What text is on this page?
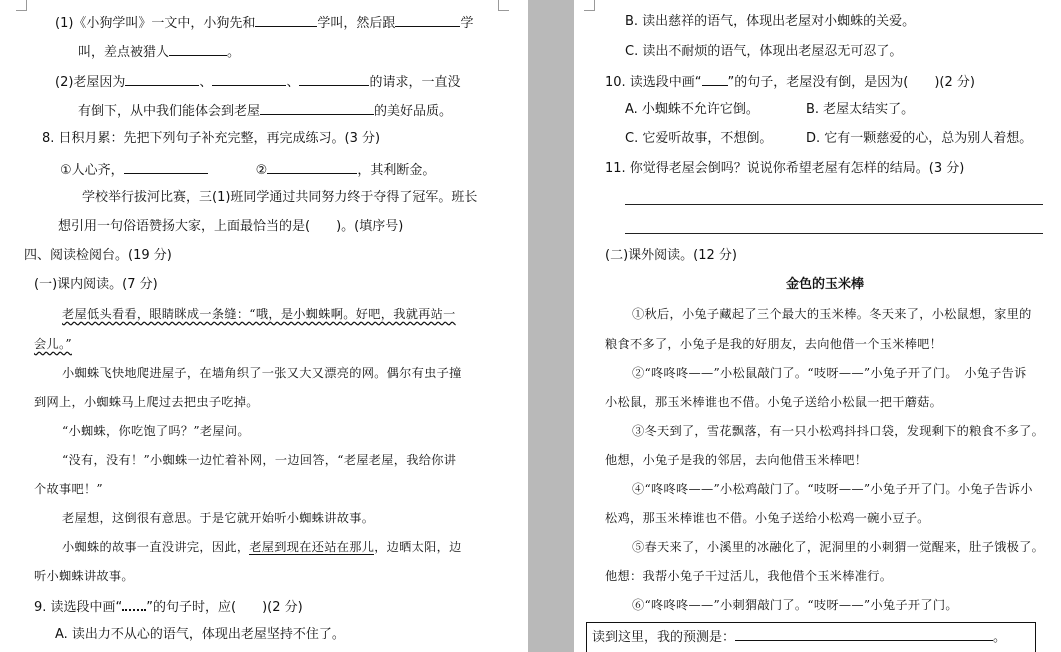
(1)《小狗学叫》一文中，小狗先和	学叫，然后跟	学
叫，差点被猎人	。
(2)老屋因为	、	、	的请求，一直没
有倒下，从中我们能体会到老屋	的美好品质。
8. 日积月累：先把下列句子补充完整，再完成练习。(3 分)
①人心齐，	②	，其利断金。
学校举行拔河比赛，三(1)班同学通过共同努力终于夺得了冠军。班长
想引用一句俗语赞扬大家，上面最恰当的是(　　)。(填序号)
四、阅读检阅台。(19 分)
(一)课内阅读。(7 分)
老屋低头看看，眼睛眯成一条缝：“哦，是小蜘蛛啊。好吧，我就再站一
会儿。”
小蜘蛛飞快地爬进屋子，在墙角织了一张又大又漂亮的网。偶尔有虫子撞
到网上，小蜘蛛马上爬过去把虫子吃掉。
“小蜘蛛，你吃饱了吗？”老屋问。
“没有，没有！”小蜘蛛一边忙着补网，一边回答，“老屋老屋，我给你讲
个故事吧！”
老屋想，这倒很有意思。于是它就开始听小蜘蛛讲故事。
小蜘蛛的故事一直没讲完，因此，老屋到现在还站在那儿，边晒太阳，边
听小蜘蛛讲故事。
9. 读选段中画“ ”的句子时，应(　　)(2 分)
A. 读出力不从心的语气，体现出老屋坚持不住了。
B. 读出慈祥的语气，体现出老屋对小蜘蛛的关爱。
C. 读出不耐烦的语气，体现出老屋忍无可忍了。
10. 读选段中画“ ”的句子，老屋没有倒，是因为(　　)(2 分)
A. 小蜘蛛不允许它倒。	B. 老屋太结实了。
C. 它爱听故事，不想倒。	D. 它有一颗慈爱的心，总为别人着想。
11. 你觉得老屋会倒吗？说说你希望老屋有怎样的结局。(3 分)
(二)课外阅读。(12 分)
金色的玉米棒
①秋后，小兔子藏起了三个最大的玉米棒。冬天来了，小松鼠想，家里的
粮食不多了，小兔子是我的好朋友，去向他借一个玉米棒吧！
②“咚咚咚——”小松鼠敲门了。“吱呀——”小兔子开了门。　小兔子告诉
小松鼠，那玉米棒谁也不借。小兔子送给小松鼠一把干蘑菇。
③冬天到了，雪花飘落，有一只小松鸡抖抖口袋，发现剩下的粮食不多了。
他想，小兔子是我的邻居，去向他借玉米棒吧！
④“咚咚咚——”小松鸡敲门了。“吱呀——”小兔子开了门。小兔子告诉小
松鸡，那玉米棒谁也不借。小兔子送给小松鸡一碗小豆子。
⑤春天来了，小溪里的冰融化了，泥洞里的小刺猬一觉醒来，肚子饿极了。
他想：我帮小兔子干过活儿，我他借个玉米棒准行。
⑥“咚咚咚——”小刺猬敲门了。“吱呀——”小兔子开了门。
读到这里，我的预测是：	。
